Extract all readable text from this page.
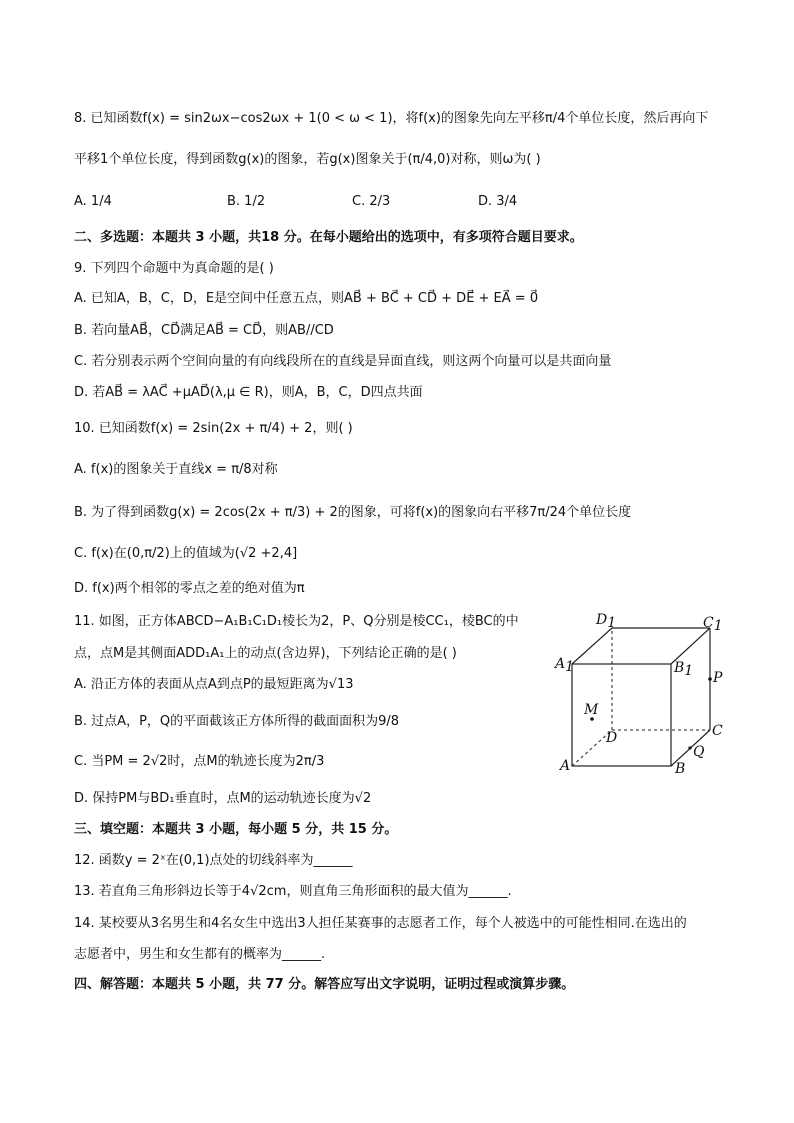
8. 已知函数f(x) = sin2ωx−cos2ωx + 1(0 < ω < 1)，将f(x)的图象先向左平移π/4个单位长度，然后再向下
平移1个单位长度，得到函数g(x)的图象，若g(x)图象关于(π/4,0)对称，则ω为( )
A. 1/4	B. 1/2	C. 2/3	D. 3/4
二、多选题：本题共 3 小题，共18 分。在每小题给出的选项中，有多项符合题目要求。
9. 下列四个命题中为真命题的是( )
A. 已知A，B，C，D，E是空间中任意五点，则AB⃗ + BC⃗ + CD⃗ + DE⃗ + EA⃗ = 0⃗
B. 若向量AB⃗，CD⃗满足AB⃗ = CD⃗，则AB//CD
C. 若分别表示两个空间向量的有向线段所在的直线是异面直线，则这两个向量可以是共面向量
D. 若AB⃗ = λAC⃗ +μAD⃗(λ,μ ∈ R)，则A，B，C，D四点共面
10. 已知函数f(x) = 2sin(2x + π/4) + 2，则( )
A. f(x)的图象关于直线x = π/8对称
B. 为了得到函数g(x) = 2cos(2x + π/3) + 2的图象，可将f(x)的图象向右平移7π/24个单位长度
C. f(x)在(0,π/2)上的值域为(√2 +2,4]
D. f(x)两个相邻的零点之差的绝对值为π
11. 如图，正方体ABCD−A₁B₁C₁D₁棱长为2，P、Q分别是棱CC₁，棱BC的中
点，点M是其侧面ADD₁A₁上的动点(含边界)，下列结论正确的是( )
A. 沿正方体的表面从点A到点P的最短距离为√13
B. 过点A，P，Q的平面截该正方体所得的截面面积为9/8
C. 当PM = 2√2时，点M的轨迹长度为2π/3
D. 保持PM与BD₁垂直时，点M的运动轨迹长度为√2
D1	C1
A1	B1 P
M
D	C
Q
A	B
三、填空题：本题共 3 小题，每小题 5 分，共 15 分。
12. 函数y = 2ˣ在(0,1)点处的切线斜率为______
13. 若直角三角形斜边长等于4√2cm，则直角三角形面积的最大值为______.
14. 某校要从3名男生和4名女生中选出3人担任某赛事的志愿者工作，每个人被选中的可能性相同.在选出的
志愿者中，男生和女生都有的概率为______.
四、解答题：本题共 5 小题，共 77 分。解答应写出文字说明，证明过程或演算步骤。
